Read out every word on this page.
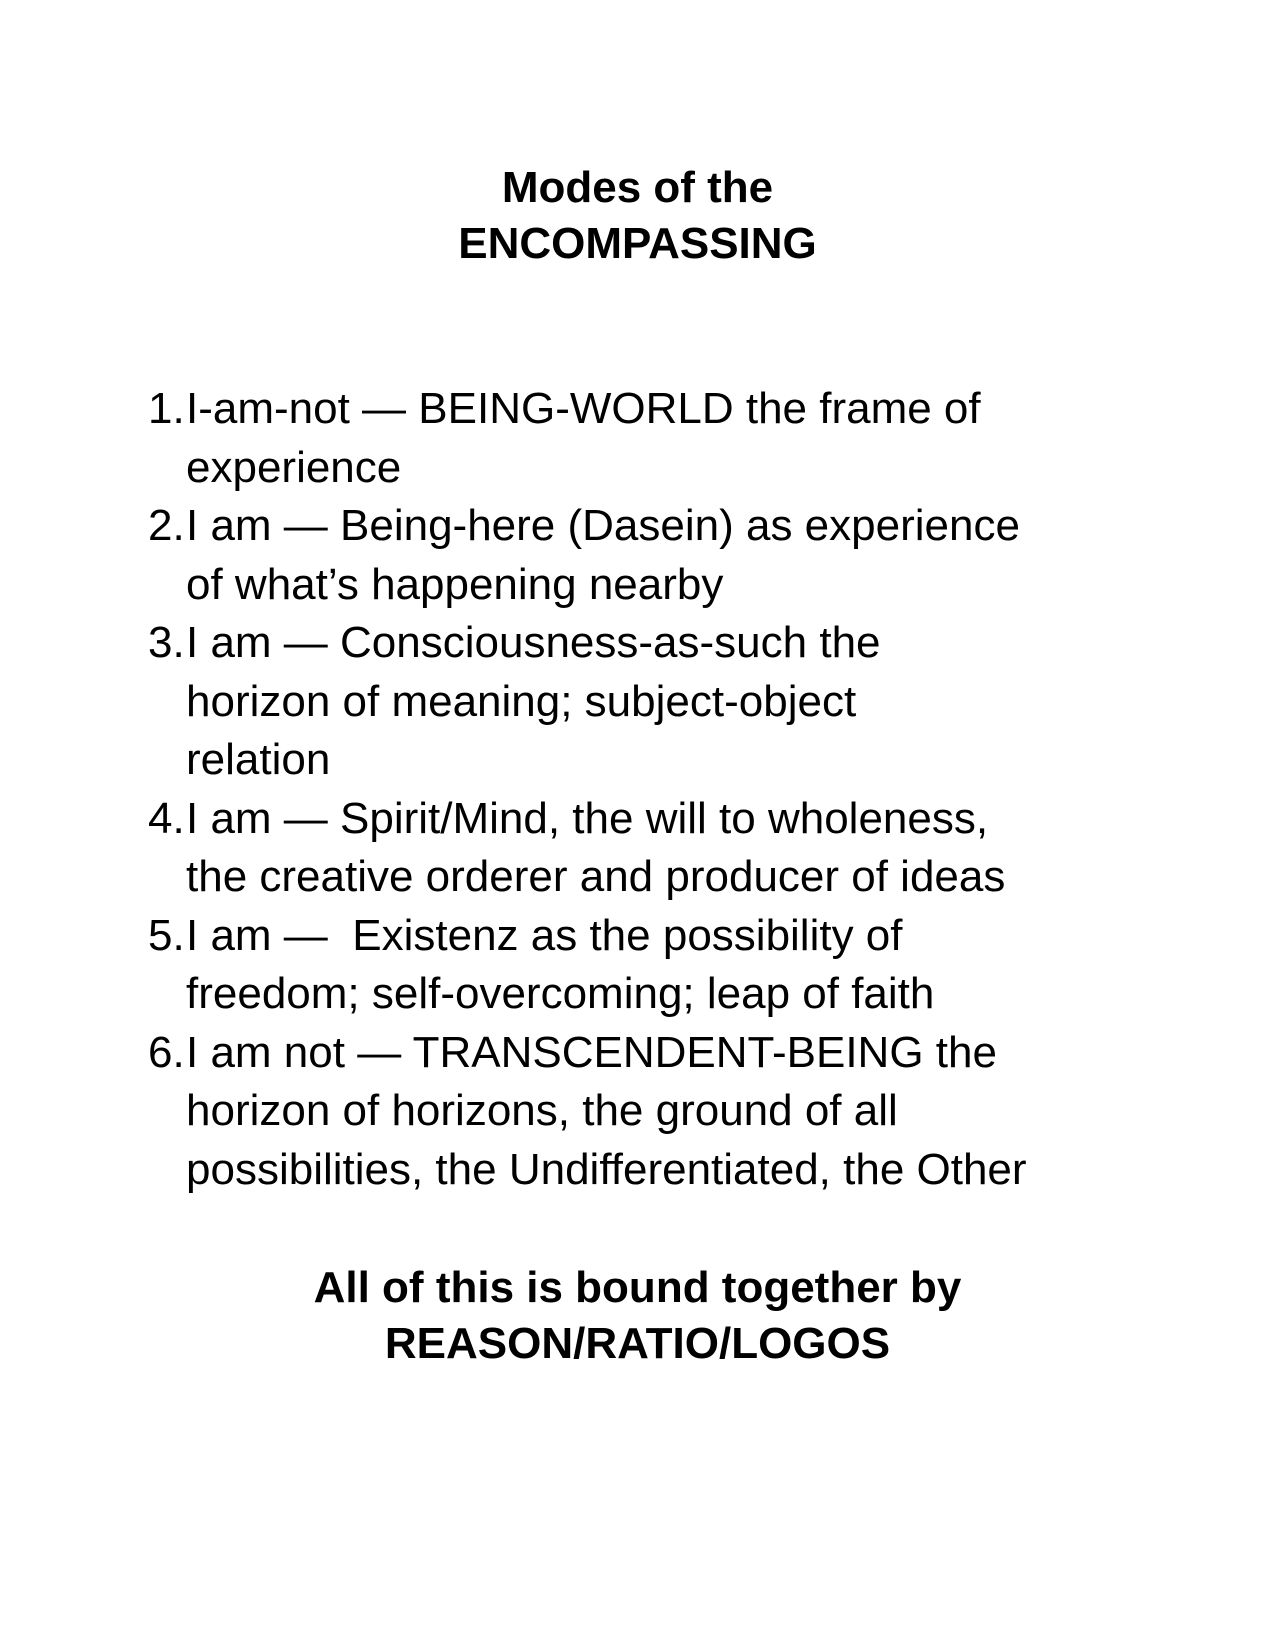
Modes of the
ENCOMPASSING
1. I-am-not — BEING-WORLD the frame of
experience
2. I am — Being-here (Dasein) as experience
of what’s happening nearby
3. I am — Consciousness-as-such the
horizon of meaning; subject-object
relation
4. I am — Spirit/Mind, the will to wholeness,
the creative orderer and producer of ideas
5. I am —  Existenz as the possibility of
freedom; self-overcoming; leap of faith
6. I am not — TRANSCENDENT-BEING the
horizon of horizons, the ground of all
possibilities, the Undifferentiated, the Other
All of this is bound together by
REASON/RATIO/LOGOS
